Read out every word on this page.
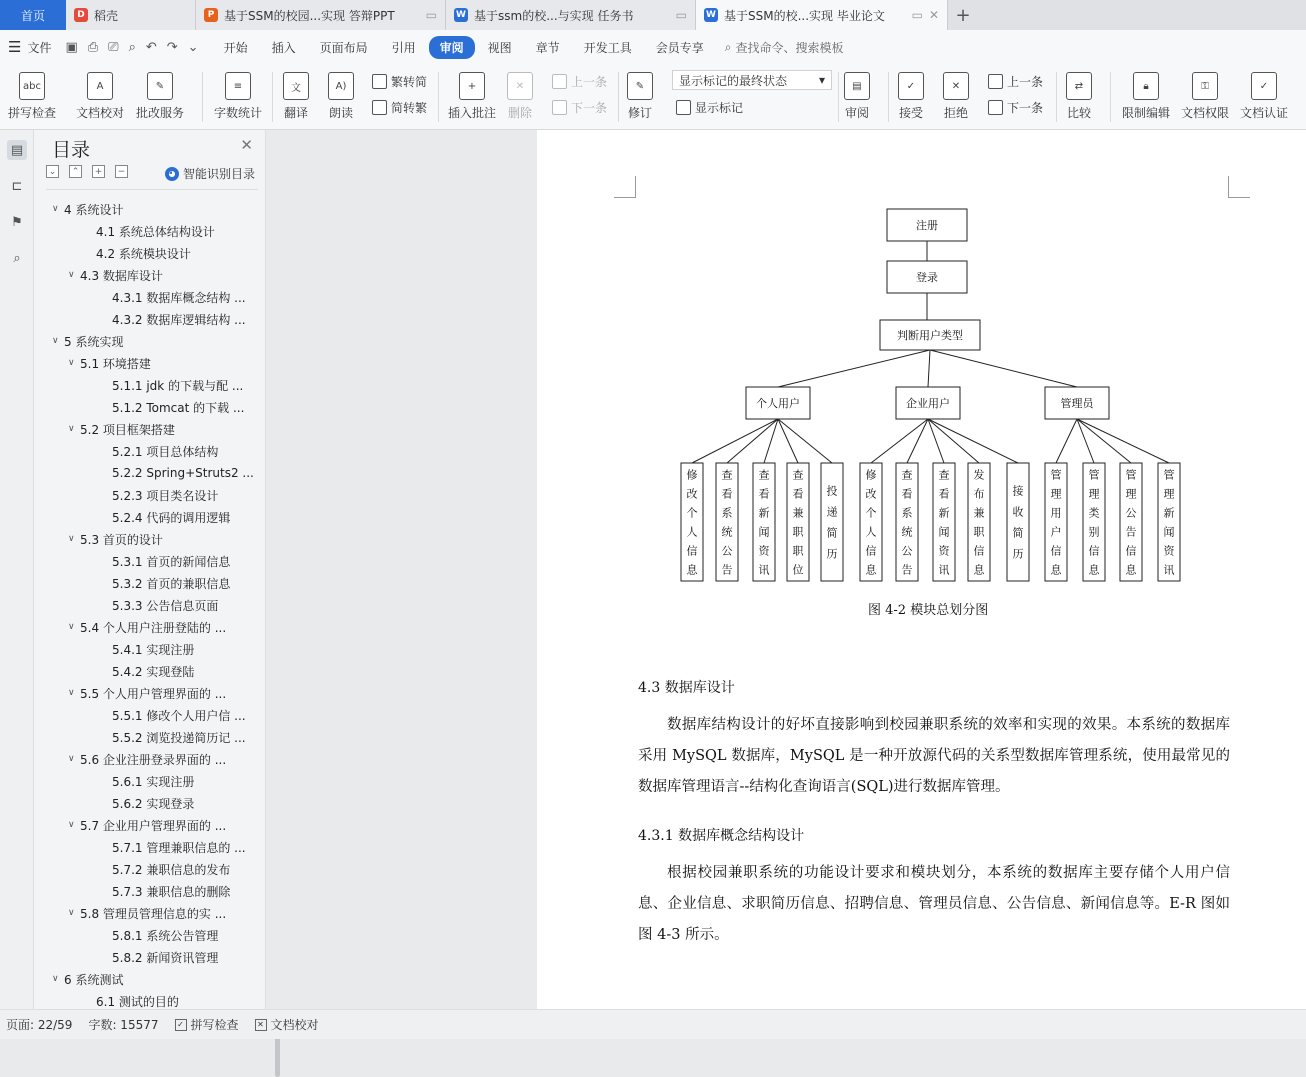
首页	D 稻壳	P 基于SSM的校园...实现 答辩PPT	▭ W 基于ssm的校...与实现 任务书	▭ W 基于SSM的校...实现 毕业论文	▭ ✕ +
☰ 文件 ▣ ⎙ ⎚ ⌕ ↶ ↷ ⌄	开始	插入	页面布局	引用	审阅	视图	章节	开发工具	会员专享	⌕ 查找命令、搜索模板
abc
拼写检查
A
文档校对
✎
批改服务
≡
字数统计
文
翻译
A)
朗读
繁转简
简转繁
+
插入批注
✕
删除
上一条
下一条
✎
修订
显示标记的最终状态	▾
显示标记
▤
审阅
✓
接受
✕
拒绝
上一条
下一条
⇄
比较
🔒︎
限制编辑
⚿
文档权限
✓
文档认证
▤
⊏
⚑
⌕
目录	✕
⌄	⌃	+	−	◕ 智能识别目录
∨ 4 系统设计
4.1 系统总体结构设计
4.2 系统模块设计
∨ 4.3 数据库设计
4.3.1 数据库概念结构 ...
4.3.2 数据库逻辑结构 ...
∨ 5 系统实现
∨ 5.1 环境搭建
5.1.1 jdk 的下载与配 ...
5.1.2 Tomcat 的下载 ...
∨ 5.2 项目框架搭建
5.2.1 项目总体结构
5.2.2 Spring+Struts2 ...
5.2.3 项目类名设计
5.2.4 代码的调用逻辑
∨ 5.3 首页的设计
5.3.1 首页的新闻信息
5.3.2 首页的兼职信息
5.3.3 公告信息页面
∨ 5.4 个人用户注册登陆的 ...
5.4.1 实现注册
5.4.2 实现登陆
∨ 5.5 个人用户管理界面的 ...
5.5.1 修改个人用户信 ...
5.5.2 浏览投递简历记 ...
∨ 5.6 企业注册登录界面的 ...
5.6.1 实现注册
5.6.2 实现登录
∨ 5.7 企业用户管理界面的 ...
5.7.1 管理兼职信息的 ...
5.7.2 兼职信息的发布
5.7.3 兼职信息的删除
∨ 5.8 管理员管理信息的实 ...
5.8.1 系统公告管理
5.8.2 新闻资讯管理
∨ 6 系统测试
6.1 测试的目的
注册
登录
判断用户类型
个人用户
修改个人信息
查看系统公告
查看新闻资讯
查看兼职职位
投递简历
企业用户
修改个人信息
查看系统公告
查看新闻资讯
发布兼职信息
接收简历
管理员
管理用户信息
管理类别信息
管理公告信息
管理新闻资讯
图 4-2 模块总划分图
4.3 数据库设计
数据库结构设计的好坏直接影响到校园兼职系统的效率和实现的效果。本系统的数据库采用 MySQL 数据库，MySQL 是一种开放源代码的关系型数据库管理系统，使用最常见的数据库管理语言--结构化查询语言(SQL)进行数据库管理。
4.3.1 数据库概念结构设计
根据校园兼职系统的功能设计要求和模块划分，本系统的数据库主要存储个人用户信息、企业信息、求职简历信息、招聘信息、管理员信息、公告信息、新闻信息等。E-R 图如图 4-3 所示。
页面: 22/59 字数: 15577	✓ 拼写检查	✕ 文档校对
